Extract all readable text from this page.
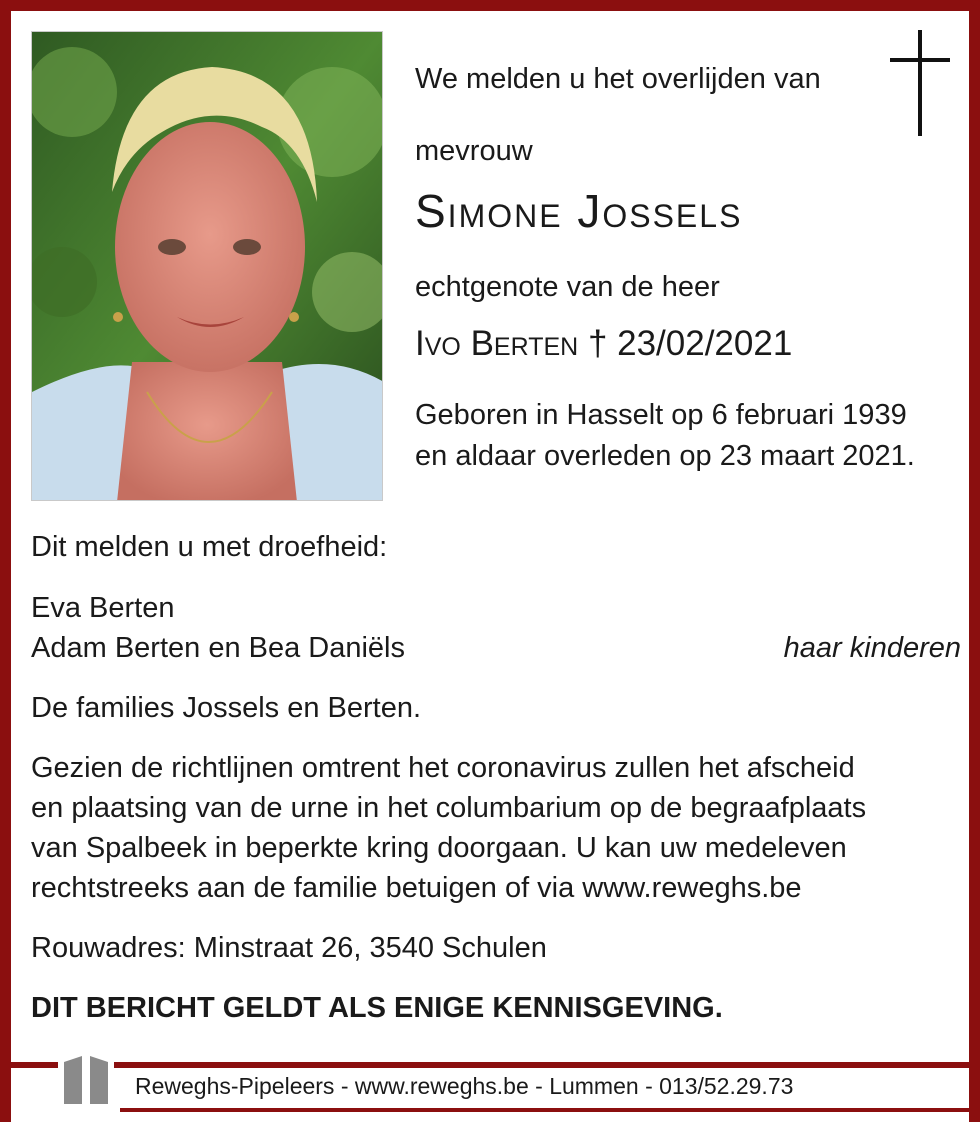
We melden u het overlijden van
mevrouw
Simone Jossels
echtgenote van de heer
Ivo Berten † 23/02/2021
Geboren in Hasselt op 6 februari 1939
en aldaar overleden op 23 maart 2021.
Dit melden u met droefheid:
Eva Berten
Adam Berten en Bea Daniëls	haar kinderen
De families Jossels en Berten.
Gezien de richtlijnen omtrent het coronavirus zullen het afscheid
en plaatsing van de urne in het columbarium op de begraafplaats
van Spalbeek in beperkte kring doorgaan. U kan uw medeleven
rechtstreeks aan de familie betuigen of via www.reweghs.be
Rouwadres: Minstraat 26, 3540 Schulen
DIT BERICHT GELDT ALS ENIGE KENNISGEVING.
Reweghs-Pipeleers - www.reweghs.be - Lummen - 013/52.29.73
